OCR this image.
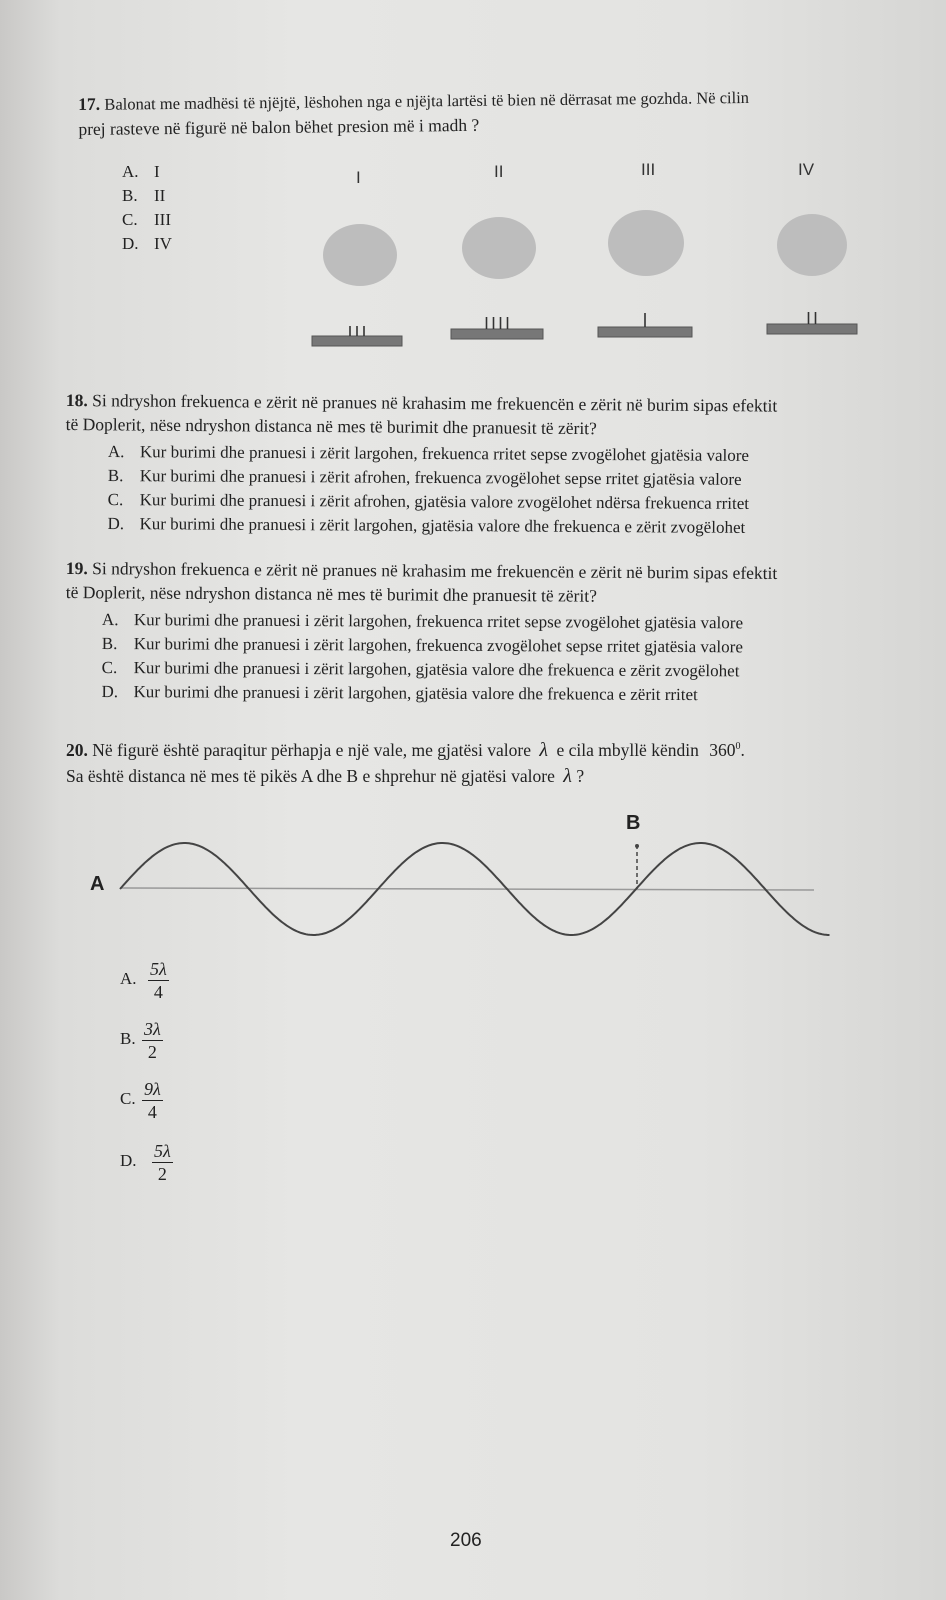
17. Balonat me madhësi të njëjtë, lëshohen nga e njëjta lartësi të bien në dërrasat me gozhda. Në cilin
prej rasteve në figurë në balon bëhet presion më i madh ?
A. I
B. II
C. III
D. IV
I	II	III	IV
18. Si ndryshon frekuenca e zërit në pranues në krahasim me frekuencën e zërit në burim sipas efektit
të Doplerit, nëse ndryshon distanca në mes të burimit dhe pranuesit të zërit?
A. Kur burimi dhe pranuesi i zërit largohen, frekuenca rritet sepse zvogëlohet gjatësia valore
B. Kur burimi dhe pranuesi i zërit afrohen, frekuenca zvogëlohet sepse rritet gjatësia valore
C. Kur burimi dhe pranuesi i zërit afrohen, gjatësia valore zvogëlohet ndërsa frekuenca rritet
D. Kur burimi dhe pranuesi i zërit largohen, gjatësia valore dhe frekuenca e zërit zvogëlohet
19. Si ndryshon frekuenca e zërit në pranues në krahasim me frekuencën e zërit në burim sipas efektit
të Doplerit, nëse ndryshon distanca në mes të burimit dhe pranuesit të zërit?
A. Kur burimi dhe pranuesi i zërit largohen, frekuenca rritet sepse zvogëlohet gjatësia valore
B. Kur burimi dhe pranuesi i zërit largohen, frekuenca zvogëlohet sepse rritet gjatësia valore
C. Kur burimi dhe pranuesi i zërit largohen, gjatësia valore dhe frekuenca e zërit zvogëlohet
D. Kur burimi dhe pranuesi i zërit largohen, gjatësia valore dhe frekuenca e zërit rritet
20. Në figurë është paraqitur përhapja e një vale, me gjatësi valore λ e cila mbyllë këndin $360^0$.
Sa është distanca në mes të pikës A dhe B e shprehur në gjatësi valore λ ?
A
B
A. $\frac{5\lambda}{4}$
B. $\frac{3\lambda}{2}$
C. $\frac{9\lambda}{4}$
D. $\frac{5\lambda}{2}$
206
